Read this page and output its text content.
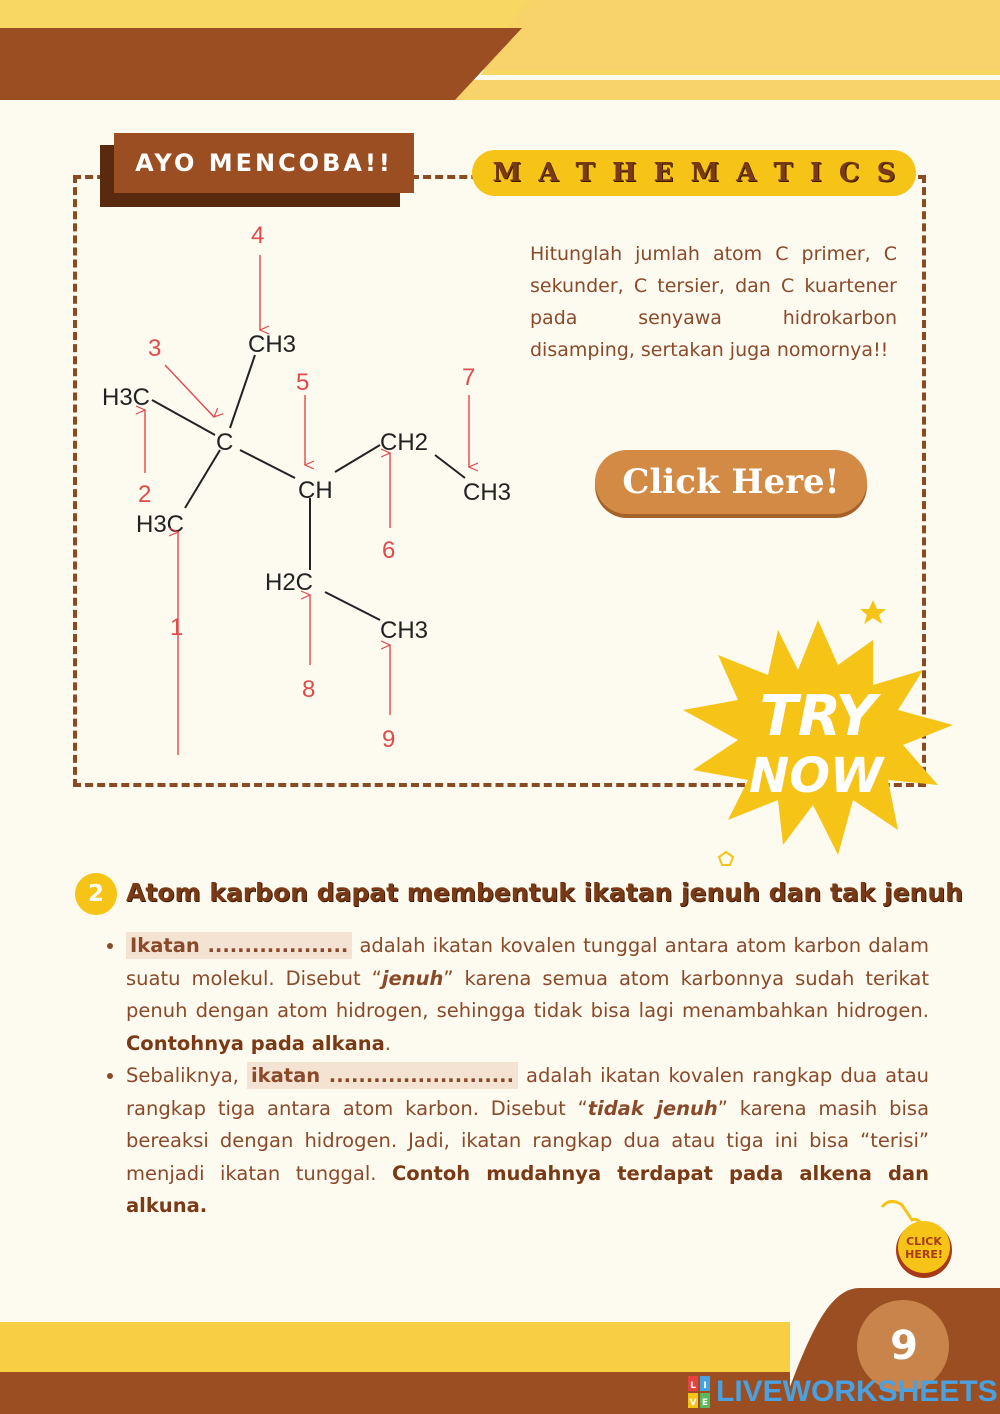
AYO MENCOBA!!	M A T H E M A T I C S
H3C
CH3
C
CH
CH2
CH3
H3C
H2C
CH3
1
2
3
4
5
6
7
8
9
Hitunglah jumlah atom C primer, C sekunder, C tersier, dan C kuartener pada senyawa hidrokarbon disamping, sertakan juga nomornya!!
Click Here!
TRY
NOW
2 Atom karbon dapat membentuk ikatan jenuh dan tak jenuh
• Ikatan ................... adalah ikatan kovalen tunggal antara atom karbon dalam suatu molekul. Disebut “jenuh” karena semua atom karbonnya sudah terikat penuh dengan atom hidrogen, sehingga tidak bisa lagi menambahkan hidrogen. Contohnya pada alkana.
• Sebaliknya, ikatan ......................... adalah ikatan kovalen rangkap dua atau rangkap tiga antara atom karbon. Disebut “tidak jenuh” karena masih bisa bereaksi dengan hidrogen. Jadi, ikatan rangkap dua atau tiga ini bisa “terisi” menjadi ikatan tunggal. Contoh mudahnya terdapat pada alkena dan alkuna.
CLICK
HERE!
9
L I
V E LIVEWORKSHEETS
